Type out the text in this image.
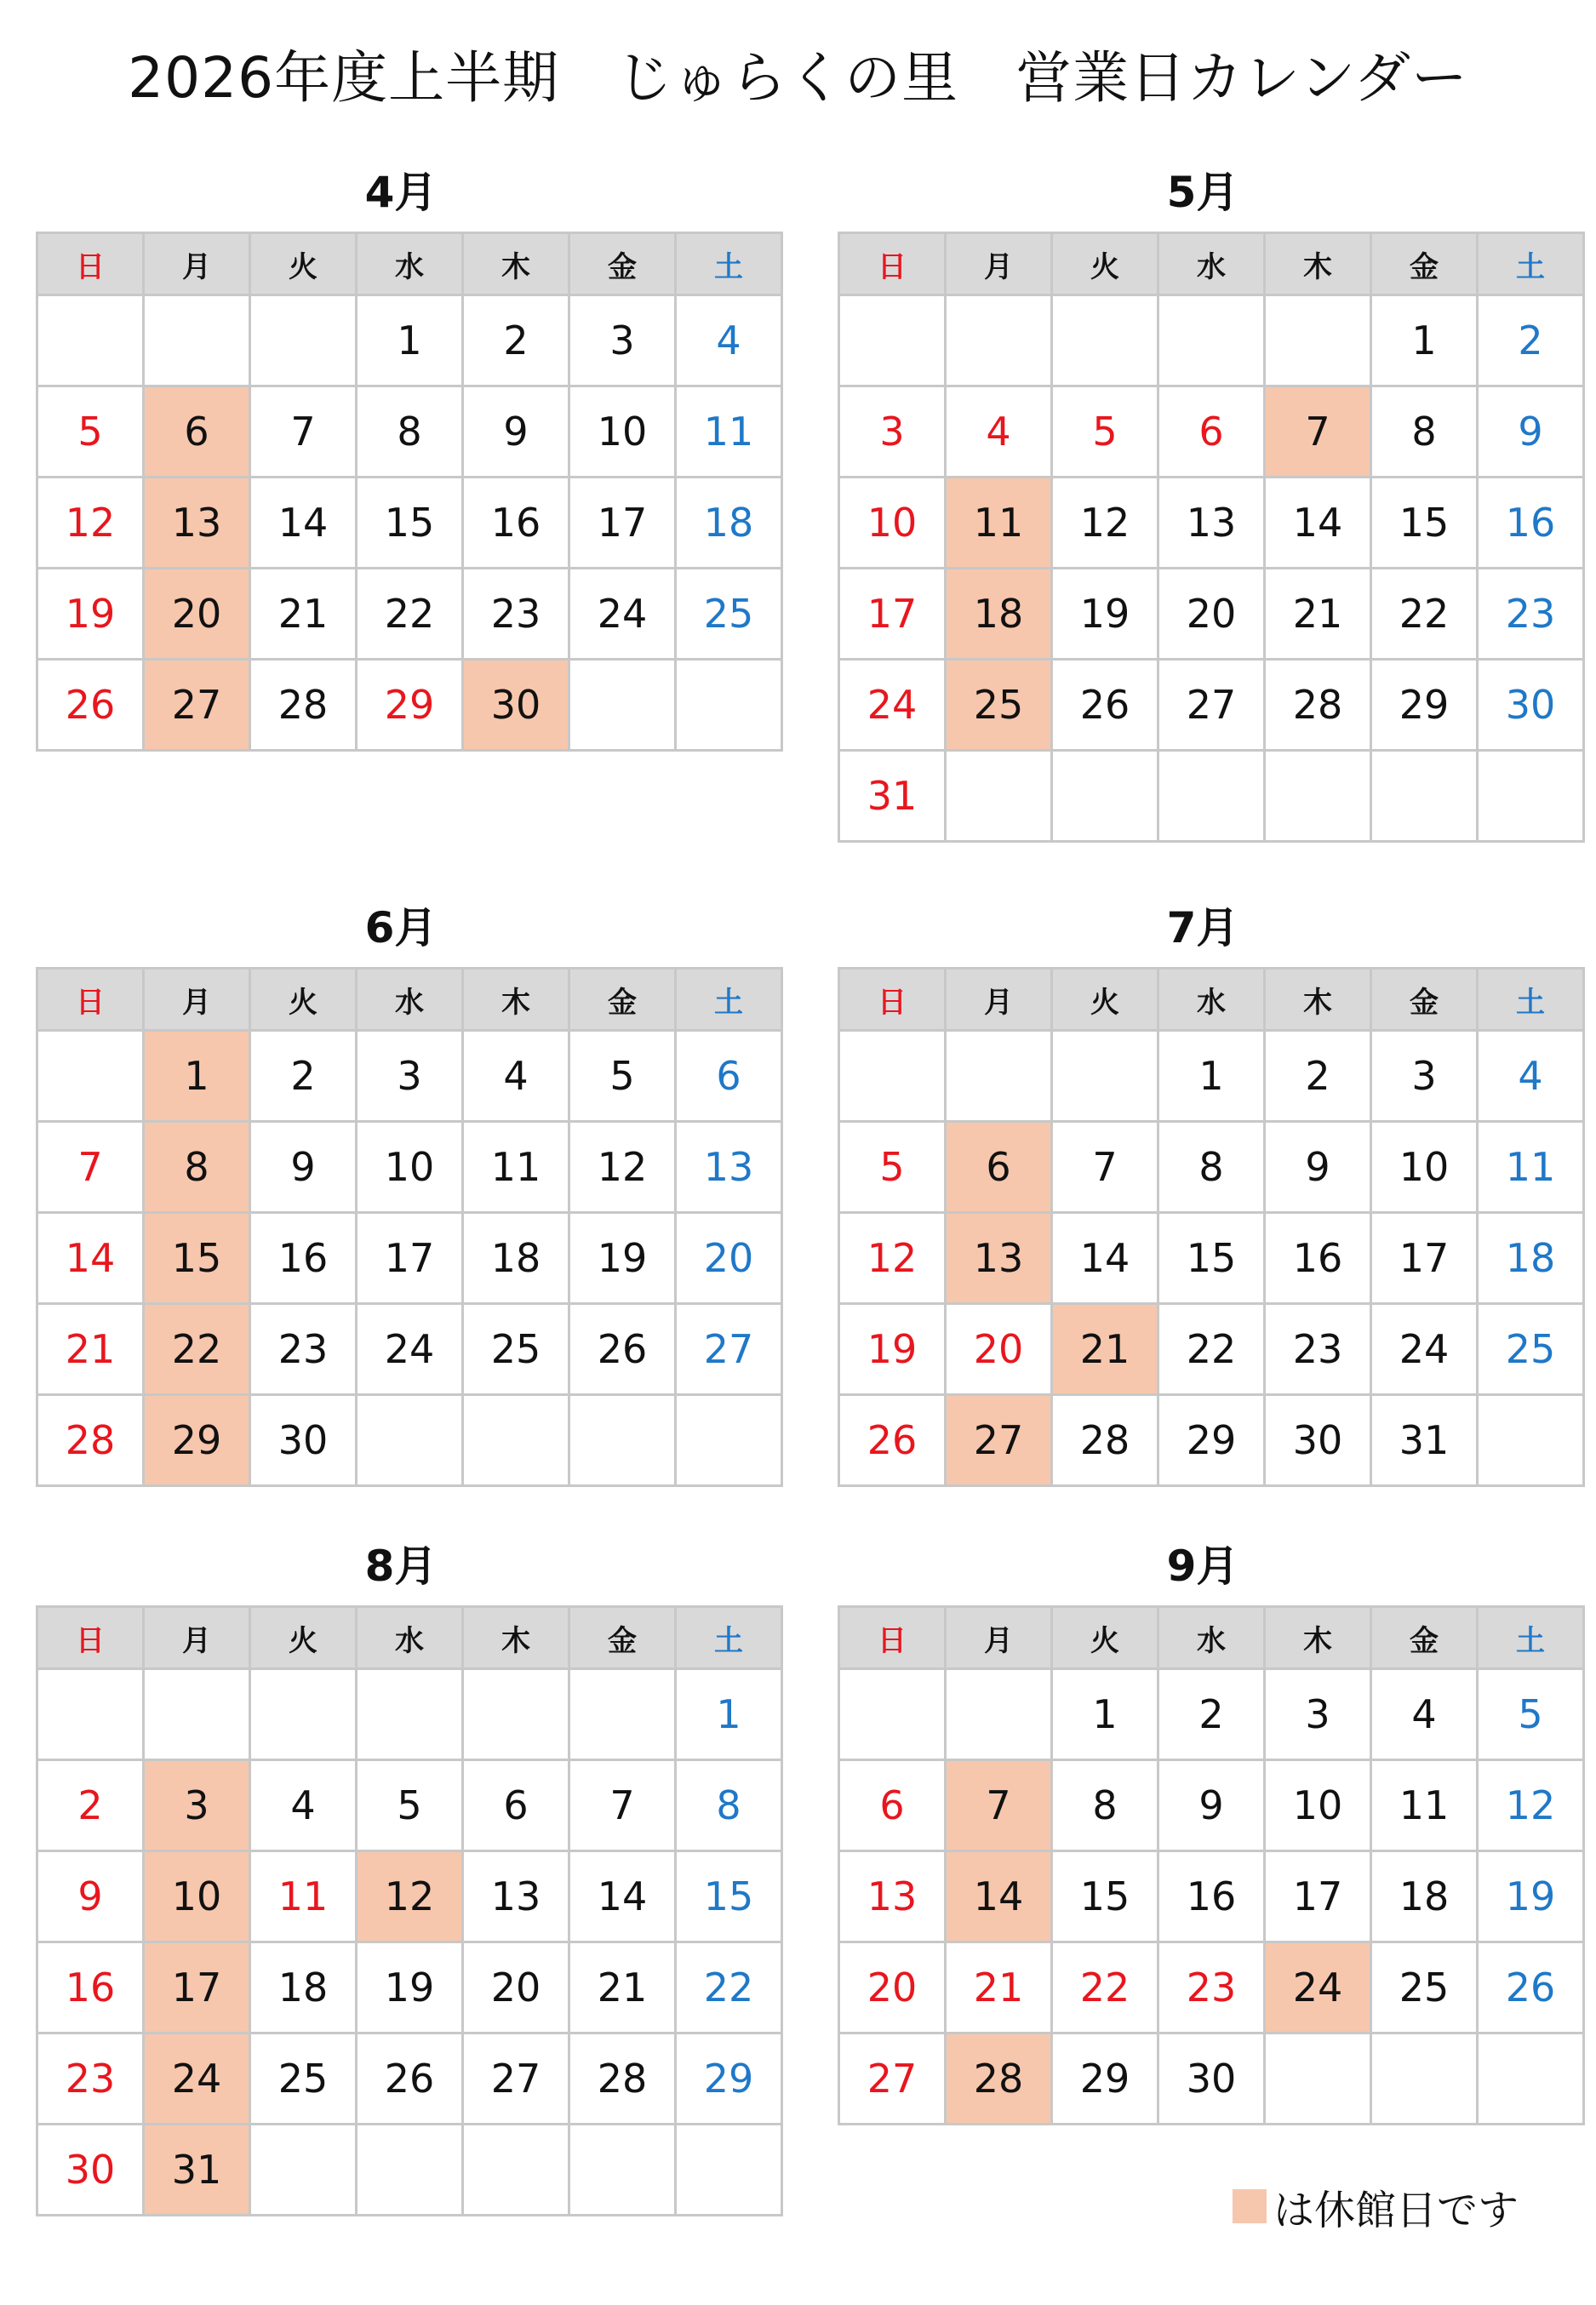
2026年度上半期　じゅらくの里　営業日カレンダー
4月
日	月	火	水	木	金	土
			1	2	3	4
5	6	7	8	9	10	11
12	13	14	15	16	17	18
19	20	21	22	23	24	25
26	27	28	29	30		
5月
日	月	火	水	木	金	土
					1	2
3	4	5	6	7	8	9
10	11	12	13	14	15	16
17	18	19	20	21	22	23
24	25	26	27	28	29	30
31						
6月
日	月	火	水	木	金	土
	1	2	3	4	5	6
7	8	9	10	11	12	13
14	15	16	17	18	19	20
21	22	23	24	25	26	27
28	29	30				
7月
日	月	火	水	木	金	土
			1	2	3	4
5	6	7	8	9	10	11
12	13	14	15	16	17	18
19	20	21	22	23	24	25
26	27	28	29	30	31	
8月
日	月	火	水	木	金	土
						1
2	3	4	5	6	7	8
9	10	11	12	13	14	15
16	17	18	19	20	21	22
23	24	25	26	27	28	29
30	31					
9月
日	月	火	水	木	金	土
		1	2	3	4	5
6	7	8	9	10	11	12
13	14	15	16	17	18	19
20	21	22	23	24	25	26
27	28	29	30			
は休館日です
